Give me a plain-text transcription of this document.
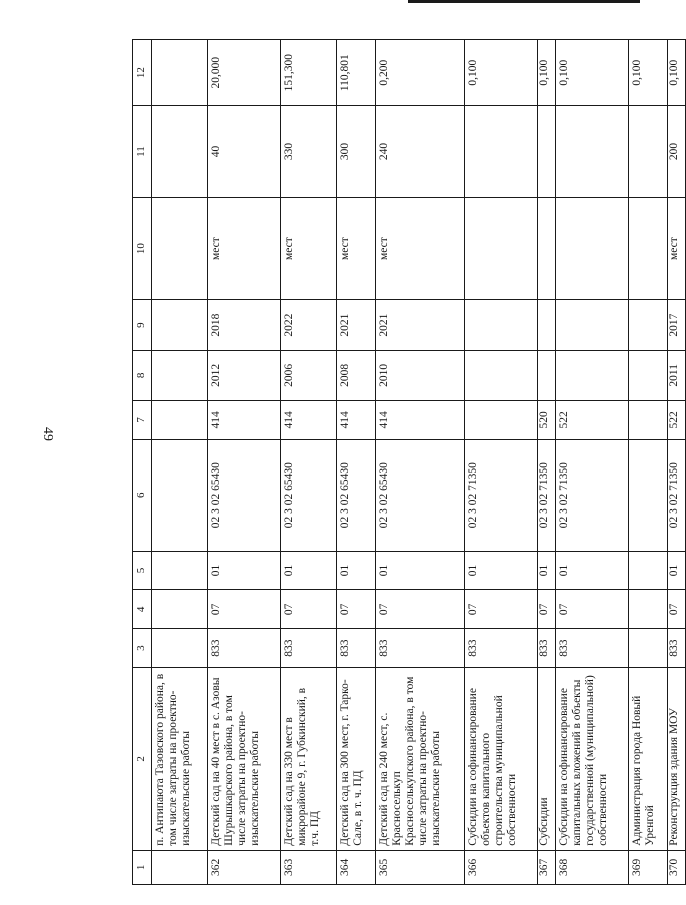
49
1	2	3	4	5	6	7	8	9	10	11	12
	п. Антипаюта Тазовского района, в том числе затраты на проектно-изыскательские работы										
362	Детский сад на 40 мест в с. Азовы Шурышкарского района, в том числе затраты на проектно-изыскательские работы	833	07	01	02 3 02 65430	414	2012	2018	мест	40	20,000
363	Детский сад на 330 мест в микрорайоне 9, г. Губкинский, в т.ч. ПД	833	07	01	02 3 02 65430	414	2006	2022	мест	330	151,300
364	Детский сад на 300 мест, г. Тарко-Сале, в т. ч. ПД	833	07	01	02 3 02 65430	414	2008	2021	мест	300	110,801
365	Детский сад на 240 мест, с. Красноселькуп Красноселькупского района, в том числе затраты на проектно-изыскательские работы	833	07	01	02 3 02 65430	414	2010	2021	мест	240	0,200
366	Субсидии на софинансирование объектов капитального строительства муниципальной собственности	833	07	01	02 3 02 71350						0,100
367	Субсидии	833	07	01	02 3 02 71350	520					0,100
368	Субсидии на софинансирование капитальных вложений в объекты государственной (муниципальной) собственности	833	07	01	02 3 02 71350	522					0,100
369	Администрация города Новый Уренгой										0,100
370	Реконструкция здания МОУ	833	07	01	02 3 02 71350	522	2011	2017	мест	200	0,100
